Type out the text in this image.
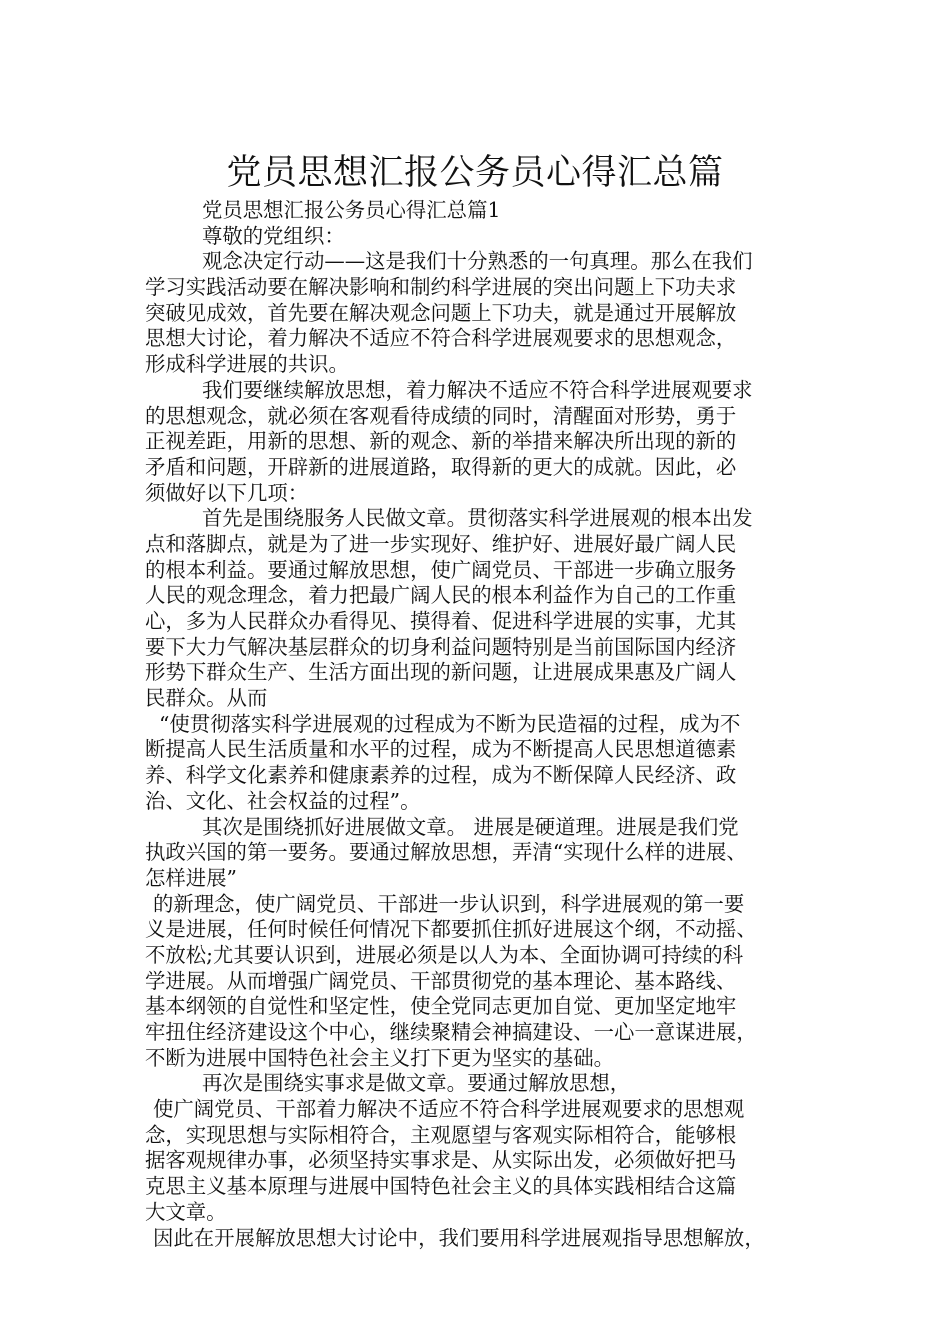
党员思想汇报公务员心得汇总篇
党员思想汇报公务员心得汇总篇1
尊敬的党组织：
观念决定行动——这是我们十分熟悉的一句真理。那么在我们
学习实践活动要在解决影响和制约科学进展的突出问题上下功夫求
突破见成效，首先要在解决观念问题上下功夫，就是通过开展解放
思想大讨论，着力解决不适应不符合科学进展观要求的思想观念，
形成科学进展的共识。
我们要继续解放思想，着力解决不适应不符合科学进展观要求
的思想观念，就必须在客观看待成绩的同时，清醒面对形势，勇于
正视差距，用新的思想、新的观念、新的举措来解决所出现的新的
矛盾和问题，开辟新的进展道路，取得新的更大的成就。因此，必
须做好以下几项：
首先是围绕服务人民做文章。贯彻落实科学进展观的根本出发
点和落脚点，就是为了进一步实现好、维护好、进展好最广阔人民
的根本利益。要通过解放思想，使广阔党员、干部进一步确立服务
人民的观念理念，着力把最广阔人民的根本利益作为自己的工作重
心，多为人民群众办看得见、摸得着、促进科学进展的实事，尤其
要下大力气解决基层群众的切身利益问题特别是当前国际国内经济
形势下群众生产、生活方面出现的新问题，让进展成果惠及广阔人
民群众。从而
“使贯彻落实科学进展观的过程成为不断为民造福的过程，成为不
断提高人民生活质量和水平的过程，成为不断提高人民思想道德素
养、科学文化素养和健康素养的过程，成为不断保障人民经济、政
治、文化、社会权益的过程”。
其次是围绕抓好进展做文章。 进展是硬道理。进展是我们党
执政兴国的第一要务。要通过解放思想，弄清“实现什么样的进展、
怎样进展”
的新理念，使广阔党员、干部进一步认识到，科学进展观的第一要
义是进展，任何时候任何情况下都要抓住抓好进展这个纲，不动摇、
不放松;尤其要认识到，进展必须是以人为本、全面协调可持续的科
学进展。从而增强广阔党员、干部贯彻党的基本理论、基本路线、
基本纲领的自觉性和坚定性，使全党同志更加自觉、更加坚定地牢
牢扭住经济建设这个中心，继续聚精会神搞建设、一心一意谋进展，
不断为进展中国特色社会主义打下更为坚实的基础。
再次是围绕实事求是做文章。要通过解放思想，
使广阔党员、干部着力解决不适应不符合科学进展观要求的思想观
念，实现思想与实际相符合，主观愿望与客观实际相符合，能够根
据客观规律办事，必须坚持实事求是、从实际出发，必须做好把马
克思主义基本原理与进展中国特色社会主义的具体实践相结合这篇
大文章。
因此在开展解放思想大讨论中，我们要用科学进展观指导思想解放，
